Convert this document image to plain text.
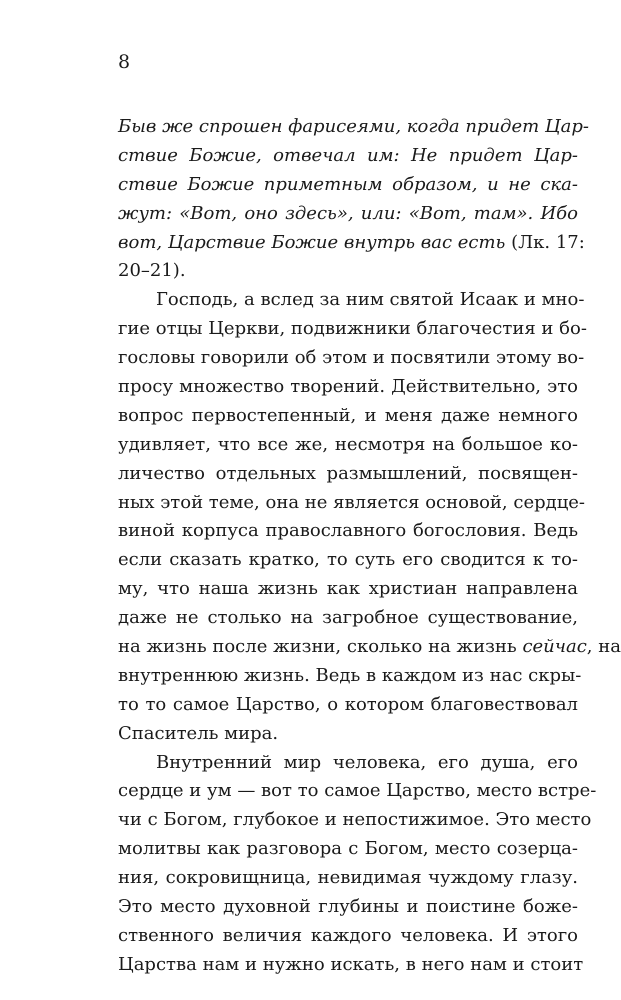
8
Быв же спрошен фарисеями, когда придет Цар-
ствие Божие, отвечал им: Не придет Цар-
ствие Божие приметным образом, и не ска-
жут: «Вот, оно здесь», или: «Вот, там». Ибо
вот, Царствие Божие внутрь вас есть (Лк. 17:
20–21).
Господь, а вслед за ним святой Исаак и мно-
гие отцы Церкви, подвижники благочестия и бо-
гословы говорили об этом и посвятили этому во-
просу множество творений. Действительно, это
вопрос первостепенный, и меня даже немного
удивляет, что все же, несмотря на большое ко-
личество отдельных размышлений, посвящен-
ных этой теме, она не является основой, сердце-
виной корпуса православного богословия. Ведь
если сказать кратко, то суть его сводится к то-
му, что наша жизнь как христиан направлена
даже не столько на загробное существование,
на жизнь после жизни, сколько на жизнь сейчас, на
внутреннюю жизнь. Ведь в каждом из нас скры-
то то самое Царство, о котором благовествовал
Спаситель мира.
Внутренний мир человека, его душа, его
сердце и ум — вот то самое Царство, место встре-
чи с Богом, глубокое и непостижимое. Это место
молитвы как разговора с Богом, место созерца-
ния, сокровищница, невидимая чуждому глазу.
Это место духовной глубины и поистине боже-
ственного величия каждого человека. И этого
Царства нам и нужно искать, в него нам и стоит
